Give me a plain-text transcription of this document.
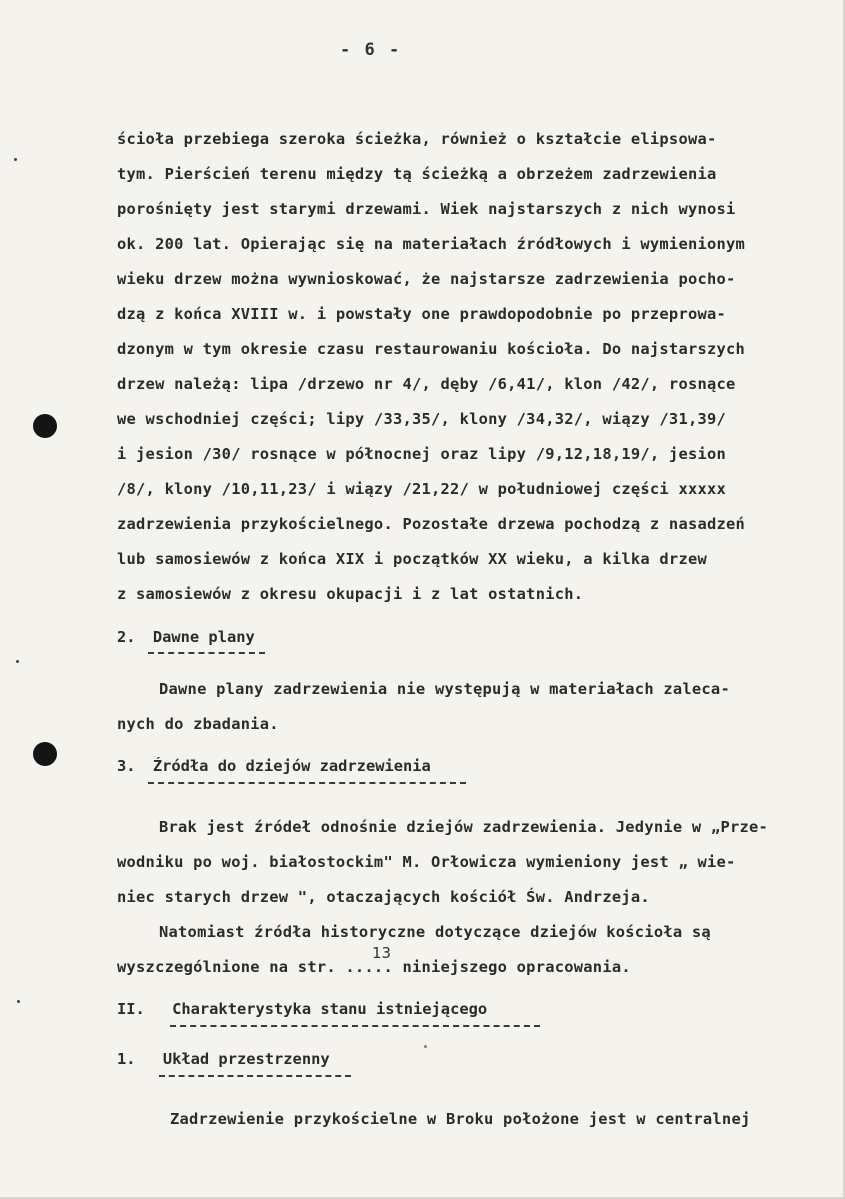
- 6 -
ścioła przebiega szeroka ścieżka, również o kształcie elipsowa-
tym. Pierścień terenu między tą ścieżką a obrzeżem zadrzewienia
porośnięty jest starymi drzewami. Wiek najstarszych z nich wynosi
ok. 200 lat. Opierając się na materiałach źródłowych i wymienionym
wieku drzew można wywnioskować, że najstarsze zadrzewienia pocho-
dzą z końca XVIII w. i powstały one prawdopodobnie po przeprowa-
dzonym w tym okresie czasu restaurowaniu kościoła. Do najstarszych
drzew należą: lipa /drzewo nr 4/, dęby /6,41/, klon /42/, rosnące
we wschodniej części; lipy /33,35/, klony /34,32/, wiązy /31,39/
i jesion /30/ rosnące w północnej oraz lipy /9,12,18,19/, jesion
/8/, klony /10,11,23/ i wiązy /21,22/ w południowej części xxxxx
zadrzewienia przykościelnego. Pozostałe drzewa pochodzą z nasadzeń
lub samosiewów z końca XIX i początków XX wieku, a kilka drzew
z samosiewów z okresu okupacji i z lat ostatnich.
2. Dawne plany
Dawne plany zadrzewienia nie występują w materiałach zaleca-
nych do zbadania.
3. Źródła do dziejów zadrzewienia
Brak jest źródeł odnośnie dziejów zadrzewienia. Jedynie w „Prze-
wodniku po woj. białostockim" M. Orłowicza wymieniony jest „ wie-
niec starych drzew ", otaczających kościół Św. Andrzeja.
Natomiast źródła historyczne dotyczące dziejów kościoła są
13
wyszczególnione na str. ..... niniejszego opracowania.
II. Charakterystyka stanu istniejącego
1. Układ przestrzenny
Zadrzewienie przykościelne w Broku położone jest w centralnej
